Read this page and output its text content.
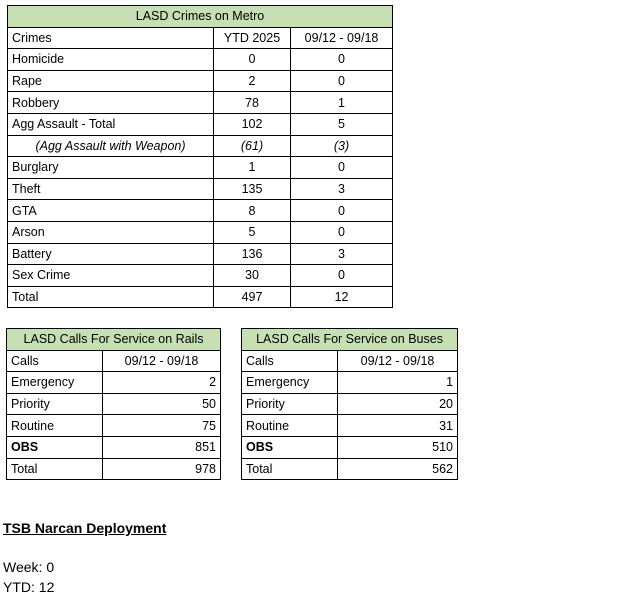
LASD Crimes on Metro		
Crimes	YTD 2025	09/12 - 09/18
Homicide	0	0
Rape	2	0
Robbery	78	1
Agg Assault - Total	102	5
(Agg Assault with Weapon)	(61)	(3)
Burglary	1	0
Theft	135	3
GTA	8	0
Arson	5	0
Battery	136	3
Sex Crime	30	0
Total	497	12
LASD Calls For Service on Rails	
Calls	09/12 - 09/18
Emergency	2
Priority	50
Routine	75
OBS	851
Total	978
LASD Calls For Service on Buses	
Calls	09/12 - 09/18
Emergency	1
Priority	20
Routine	31
OBS	510
Total	562
TSB Narcan Deployment
Week: 0
YTD: 12
